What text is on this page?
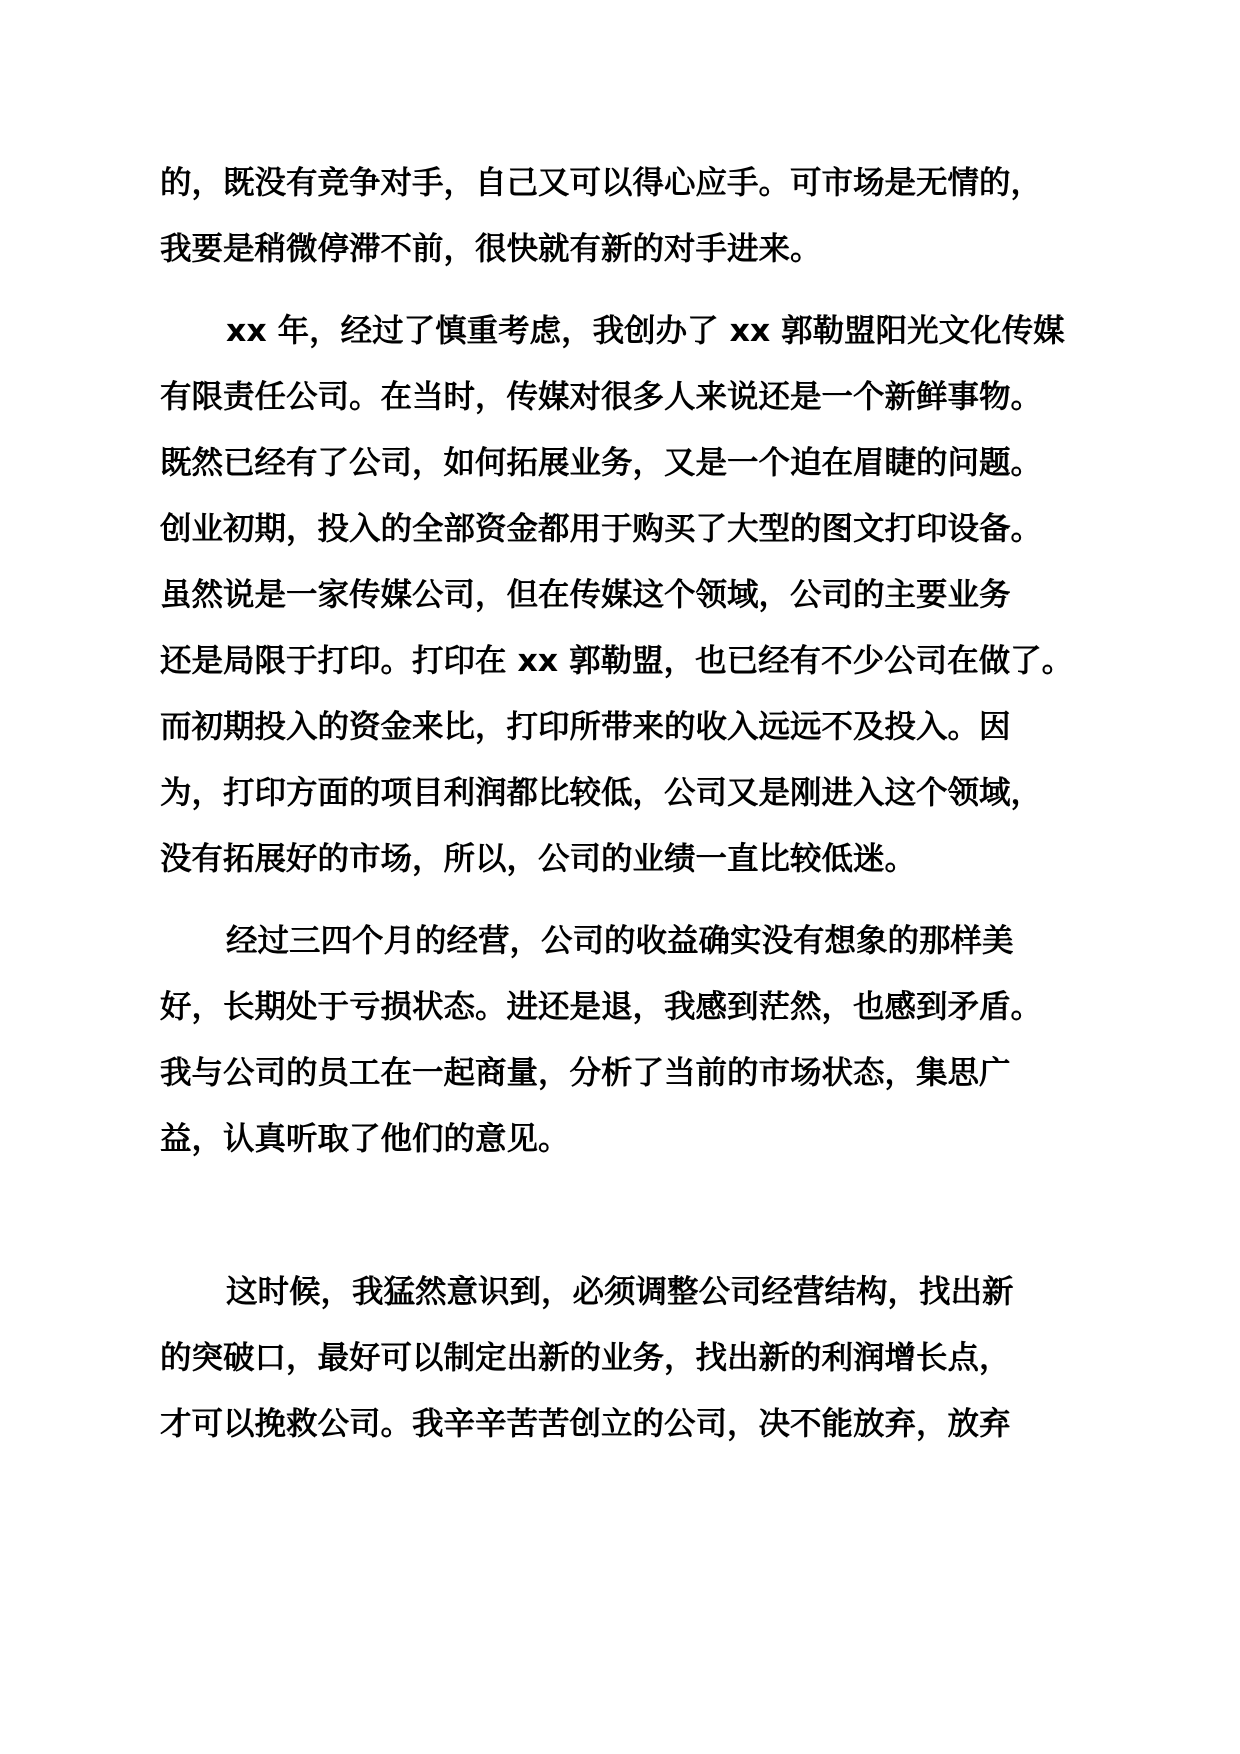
的，既没有竞争对手，自己又可以得心应手。可市场是无情的，
我要是稍微停滞不前，很快就有新的对手进来。
xx 年，经过了慎重考虑，我创办了 xx 郭勒盟阳光文化传媒
有限责任公司。在当时，传媒对很多人来说还是一个新鲜事物。
既然已经有了公司，如何拓展业务，又是一个迫在眉睫的问题。
创业初期，投入的全部资金都用于购买了大型的图文打印设备。
虽然说是一家传媒公司，但在传媒这个领域，公司的主要业务
还是局限于打印。打印在 xx 郭勒盟，也已经有不少公司在做了。
而初期投入的资金来比，打印所带来的收入远远不及投入。因
为，打印方面的项目利润都比较低，公司又是刚进入这个领域，
没有拓展好的市场，所以，公司的业绩一直比较低迷。
经过三四个月的经营，公司的收益确实没有想象的那样美
好，长期处于亏损状态。进还是退，我感到茫然，也感到矛盾。
我与公司的员工在一起商量，分析了当前的市场状态，集思广
益，认真听取了他们的意见。
这时候，我猛然意识到，必须调整公司经营结构，找出新
的突破口，最好可以制定出新的业务，找出新的利润增长点，
才可以挽救公司。我辛辛苦苦创立的公司，决不能放弃，放弃
